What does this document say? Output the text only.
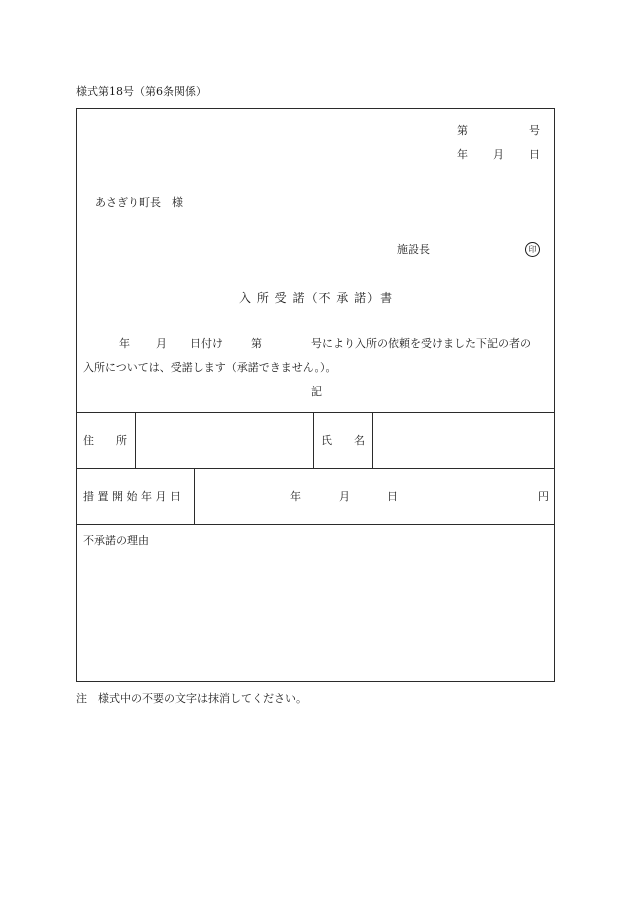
様式第18号（第6条関係）
第	号
年 月 日
あさぎり町長　様
施設長	印
入 所 受 諾（不 承 諾）書
年 月 日付け	第	号により入所の依頼を受けました下記の者の
入所については、受諾します（承諾できません。）。
記
住　　所	氏　　名
措 置 開 始 年 月 日	年	月	日	円
不承諾の理由
注　様式中の不要の文字は抹消してください。
